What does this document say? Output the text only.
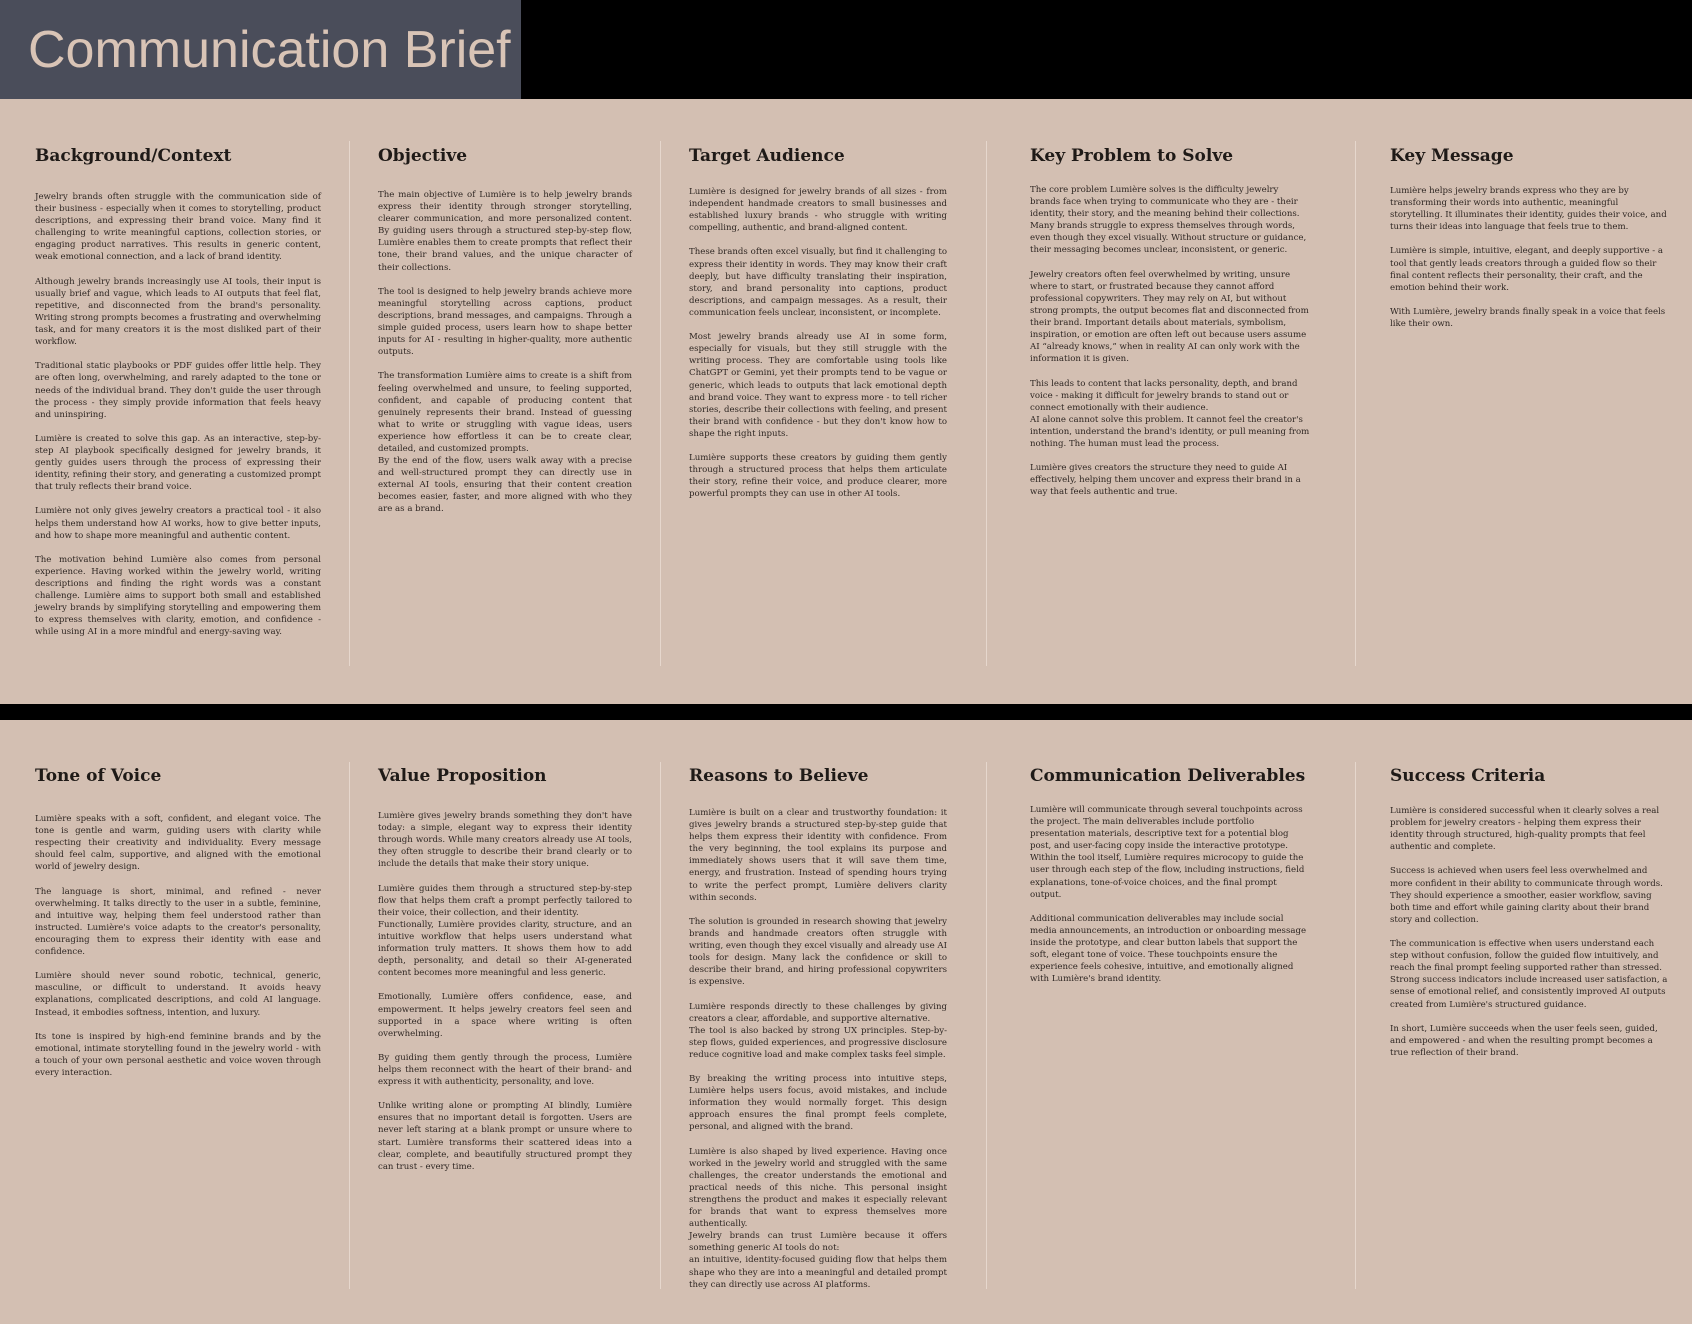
Communication Brief
Background/Context

Jewelry brands often struggle with the communication side of their business - especially when it comes to storytelling, product descriptions, and expressing their brand voice. Many find it challenging to write meaningful captions, collection stories, or engaging product narratives. This results in generic content, weak emotional connection, and a lack of brand identity.

Although jewelry brands increasingly use AI tools, their input is usually brief and vague, which leads to AI outputs that feel flat, repetitive, and disconnected from the brand's personality. Writing strong prompts becomes a frustrating and overwhelming task, and for many creators it is the most disliked part of their workflow.

Traditional static playbooks or PDF guides offer little help. They are often long, overwhelming, and rarely adapted to the tone or needs of the individual brand. They don't guide the user through the process - they simply provide information that feels heavy and uninspiring.

Lumière is created to solve this gap. As an interactive, step-by-step AI playbook specifically designed for jewelry brands, it gently guides users through the process of expressing their identity, refining their story, and generating a customized prompt that truly reflects their brand voice.

Lumière not only gives jewelry creators a practical tool - it also helps them understand how AI works, how to give better inputs, and how to shape more meaningful and authentic content.

The motivation behind Lumière also comes from personal experience. Having worked within the jewelry world, writing descriptions and finding the right words was a constant challenge. Lumière aims to support both small and established jewelry brands by simplifying storytelling and empowering them to express themselves with clarity, emotion, and confidence - while using AI in a more mindful and energy-saving way.

Objective

The main objective of Lumière is to help jewelry brands express their identity through stronger storytelling, clearer communication, and more personalized content. By guiding users through a structured step-by-step flow, Lumière enables them to create prompts that reflect their tone, their brand values, and the unique character of their collections.

The tool is designed to help jewelry brands achieve more meaningful storytelling across captions, product descriptions, brand messages, and campaigns. Through a simple guided process, users learn how to shape better inputs for AI - resulting in higher-quality, more authentic outputs.

The transformation Lumière aims to create is a shift from feeling overwhelmed and unsure, to feeling supported, confident, and capable of producing content that genuinely represents their brand. Instead of guessing what to write or struggling with vague ideas, users experience how effortless it can be to create clear, detailed, and customized prompts.
By the end of the flow, users walk away with a precise and well-structured prompt they can directly use in external AI tools, ensuring that their content creation becomes easier, faster, and more aligned with who they are as a brand.

Target Audience

Lumière is designed for jewelry brands of all sizes - from independent handmade creators to small businesses and established luxury brands - who struggle with writing compelling, authentic, and brand-aligned content.

These brands often excel visually, but find it challenging to express their identity in words. They may know their craft deeply, but have difficulty translating their inspiration, story, and brand personality into captions, product descriptions, and campaign messages. As a result, their communication feels unclear, inconsistent, or incomplete.

Most jewelry brands already use AI in some form, especially for visuals, but they still struggle with the writing process. They are comfortable using tools like ChatGPT or Gemini, yet their prompts tend to be vague or generic, which leads to outputs that lack emotional depth and brand voice. They want to express more - to tell richer stories, describe their collections with feeling, and present their brand with confidence - but they don't know how to shape the right inputs.

Lumière supports these creators by guiding them gently through a structured process that helps them articulate their story, refine their voice, and produce clearer, more powerful prompts they can use in other AI tools.

Key Problem to Solve

The core problem Lumière solves is the difficulty jewelry brands face when trying to communicate who they are - their identity, their story, and the meaning behind their collections.
Many brands struggle to express themselves through words, even though they excel visually. Without structure or guidance, their messaging becomes unclear, inconsistent, or generic.

Jewelry creators often feel overwhelmed by writing, unsure where to start, or frustrated because they cannot afford professional copywriters. They may rely on AI, but without strong prompts, the output becomes flat and disconnected from their brand. Important details about materials, symbolism, inspiration, or emotion are often left out because users assume AI “already knows,” when in reality AI can only work with the information it is given.

This leads to content that lacks personality, depth, and brand voice - making it difficult for jewelry brands to stand out or connect emotionally with their audience.
AI alone cannot solve this problem. It cannot feel the creator's intention, understand the brand's identity, or pull meaning from nothing. The human must lead the process.

Lumière gives creators the structure they need to guide AI effectively, helping them uncover and express their brand in a way that feels authentic and true.

Key Message

Lumière helps jewelry brands express who they are by transforming their words into authentic, meaningful storytelling. It illuminates their identity, guides their voice, and turns their ideas into language that feels true to them.

Lumière is simple, intuitive, elegant, and deeply supportive - a tool that gently leads creators through a guided flow so their final content reflects their personality, their craft, and the emotion behind their work.

With Lumière, jewelry brands finally speak in a voice that feels like their own.

Tone of Voice

Lumière speaks with a soft, confident, and elegant voice. The tone is gentle and warm, guiding users with clarity while respecting their creativity and individuality. Every message should feel calm, supportive, and aligned with the emotional world of jewelry design.

The language is short, minimal, and refined - never overwhelming. It talks directly to the user in a subtle, feminine, and intuitive way, helping them feel understood rather than instructed. Lumière's voice adapts to the creator's personality, encouraging them to express their identity with ease and confidence.

Lumière should never sound robotic, technical, generic, masculine, or difficult to understand. It avoids heavy explanations, complicated descriptions, and cold AI language. Instead, it embodies softness, intention, and luxury.

Its tone is inspired by high-end feminine brands and by the emotional, intimate storytelling found in the jewelry world - with a touch of your own personal aesthetic and voice woven through every interaction.

Value Proposition

Lumière gives jewelry brands something they don't have today: a simple, elegant way to express their identity through words. While many creators already use AI tools, they often struggle to describe their brand clearly or to include the details that make their story unique.

Lumière guides them through a structured step-by-step flow that helps them craft a prompt perfectly tailored to their voice, their collection, and their identity.
Functionally, Lumière provides clarity, structure, and an intuitive workflow that helps users understand what information truly matters. It shows them how to add depth, personality, and detail so their AI-generated content becomes more meaningful and less generic.

Emotionally, Lumière offers confidence, ease, and empowerment. It helps jewelry creators feel seen and supported in a space where writing is often overwhelming.

By guiding them gently through the process, Lumière helps them reconnect with the heart of their brand- and express it with authenticity, personality, and love.

Unlike writing alone or prompting AI blindly, Lumière ensures that no important detail is forgotten. Users are never left staring at a blank prompt or unsure where to start. Lumière transforms their scattered ideas into a clear, complete, and beautifully structured prompt they can trust - every time.

Reasons to Believe

Lumière is built on a clear and trustworthy foundation: it gives jewelry brands a structured step-by-step guide that helps them express their identity with confidence. From the very beginning, the tool explains its purpose and immediately shows users that it will save them time, energy, and frustration. Instead of spending hours trying to write the perfect prompt, Lumière delivers clarity within seconds.

The solution is grounded in research showing that jewelry brands and handmade creators often struggle with writing, even though they excel visually and already use AI tools for design. Many lack the confidence or skill to describe their brand, and hiring professional copywriters is expensive.

Lumière responds directly to these challenges by giving creators a clear, affordable, and supportive alternative.
The tool is also backed by strong UX principles. Step-by-step flows, guided experiences, and progressive disclosure reduce cognitive load and make complex tasks feel simple.

By breaking the writing process into intuitive steps, Lumière helps users focus, avoid mistakes, and include information they would normally forget. This design approach ensures the final prompt feels complete, personal, and aligned with the brand.

Lumière is also shaped by lived experience. Having once worked in the jewelry world and struggled with the same challenges, the creator understands the emotional and practical needs of this niche. This personal insight strengthens the product and makes it especially relevant for brands that want to express themselves more authentically.
Jewelry brands can trust Lumière because it offers something generic AI tools do not:
an intuitive, identity-focused guiding flow that helps them shape who they are into a meaningful and detailed prompt they can directly use across AI platforms.

Communication Deliverables

Lumière will communicate through several touchpoints across the project. The main deliverables include portfolio presentation materials, descriptive text for a potential blog post, and user-facing copy inside the interactive prototype. Within the tool itself, Lumière requires microcopy to guide the user through each step of the flow, including instructions, field explanations, tone-of-voice choices, and the final prompt output.

Additional communication deliverables may include social media announcements, an introduction or onboarding message inside the prototype, and clear button labels that support the soft, elegant tone of voice. These touchpoints ensure the experience feels cohesive, intuitive, and emotionally aligned with Lumière's brand identity.

Success Criteria

Lumière is considered successful when it clearly solves a real problem for jewelry creators - helping them express their identity through structured, high-quality prompts that feel authentic and complete.

Success is achieved when users feel less overwhelmed and more confident in their ability to communicate through words. They should experience a smoother, easier workflow, saving both time and effort while gaining clarity about their brand story and collection.

The communication is effective when users understand each step without confusion, follow the guided flow intuitively, and reach the final prompt feeling supported rather than stressed. Strong success indicators include increased user satisfaction, a sense of emotional relief, and consistently improved AI outputs created from Lumière's structured guidance.

In short, Lumière succeeds when the user feels seen, guided, and empowered - and when the resulting prompt becomes a true reflection of their brand.
